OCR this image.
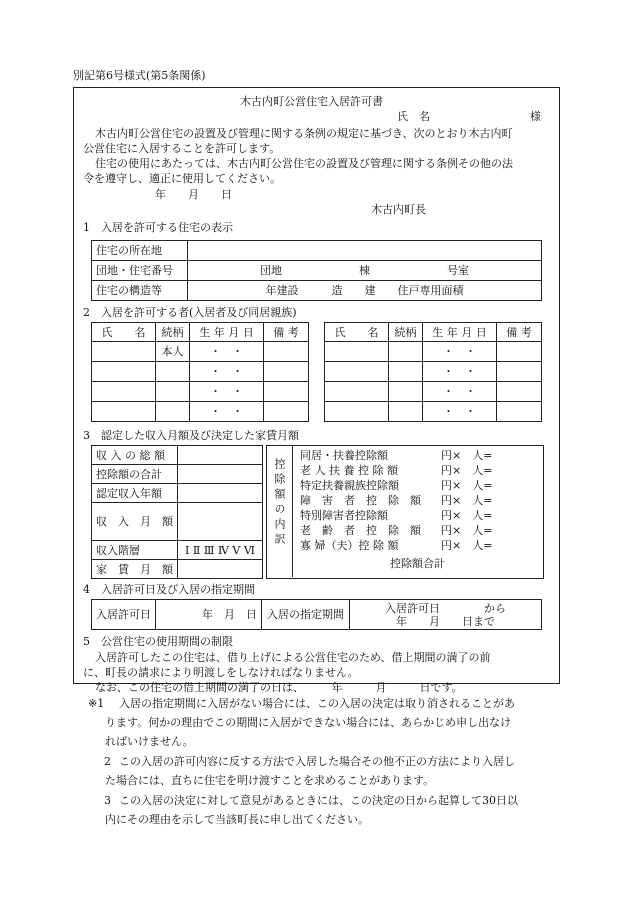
別記第6号様式(第5条関係)
木古内町公営住宅入居許可書
氏　名	様
木古内町公営住宅の設置及び管理に関する条例の規定に基づき、次のとおり木古内町
公営住宅に入居することを許可します。
住宅の使用にあたっては、木古内町公営住宅の設置及び管理に関する条例その他の法
令を遵守し、適正に使用してください。
年　　月　　日
木古内町長
1　入居を許可する住宅の表示
住宅の所在地	
団地・住宅番号	団地　　　　　　　棟　　　　　　　号室
住宅の構造等	年建設　　　造　　建　　住戸専用面積
2　入居を許可する者(入居者及び同居親族)
氏　　名	続柄	生 年 月 日	備 考
	本人	・　・	
		・　・	
		・　・	
		・　・	
氏　　名	続柄	生 年 月 日	備 考
		・　・	
		・　・	
		・　・	
		・　・	
3　認定した収入月額及び決定した家賃月額
収 入 の 総 額	
控除額の合計	
認定収入年額	
収　入　月　額	
収入階層	Ⅰ Ⅱ Ⅲ Ⅳ Ⅴ Ⅵ
家　賃　月　額	
控除額の内訳
同居・扶養控除額	円×　人=
老 人 扶 養 控 除 額	円×　人=
特定扶養親族控除額	円×　人=
障　害　者　控　除　額 円×　人=
特別障害者控除額	円×　人=
老　齢　者　控　除　額 円×　人=
寡 婦（夫）控 除 額	円×　人=
控除額合計
4　入居許可日及び入居の指定期間
入居許可日	年　月　日	入居の指定期間	入居許可日　　　　から
年　　月　　日まで
5　公営住宅の使用期間の制限
入居許可したこの住宅は、借り上げによる公営住宅のため、借上期間の満了の前
に、町長の請求により明渡しをしなければなりません。
なお、この住宅の借上期間の満了の日は、　　　年　　　月　　　日です。
※1 入居の指定期間に入居がない場合には、この入居の決定は取り消されることがあ
ります。何かの理由でこの期間に入居ができない場合には、あらかじめ申し出なけ
ればいけません。
2 この入居の許可内容に反する方法で入居した場合その他不正の方法により入居し
た場合には、直ちに住宅を明け渡すことを求めることがあります。
3 この入居の決定に対して意見があるときには、この決定の日から起算して30日以
内にその理由を示して当該町長に申し出てください。
